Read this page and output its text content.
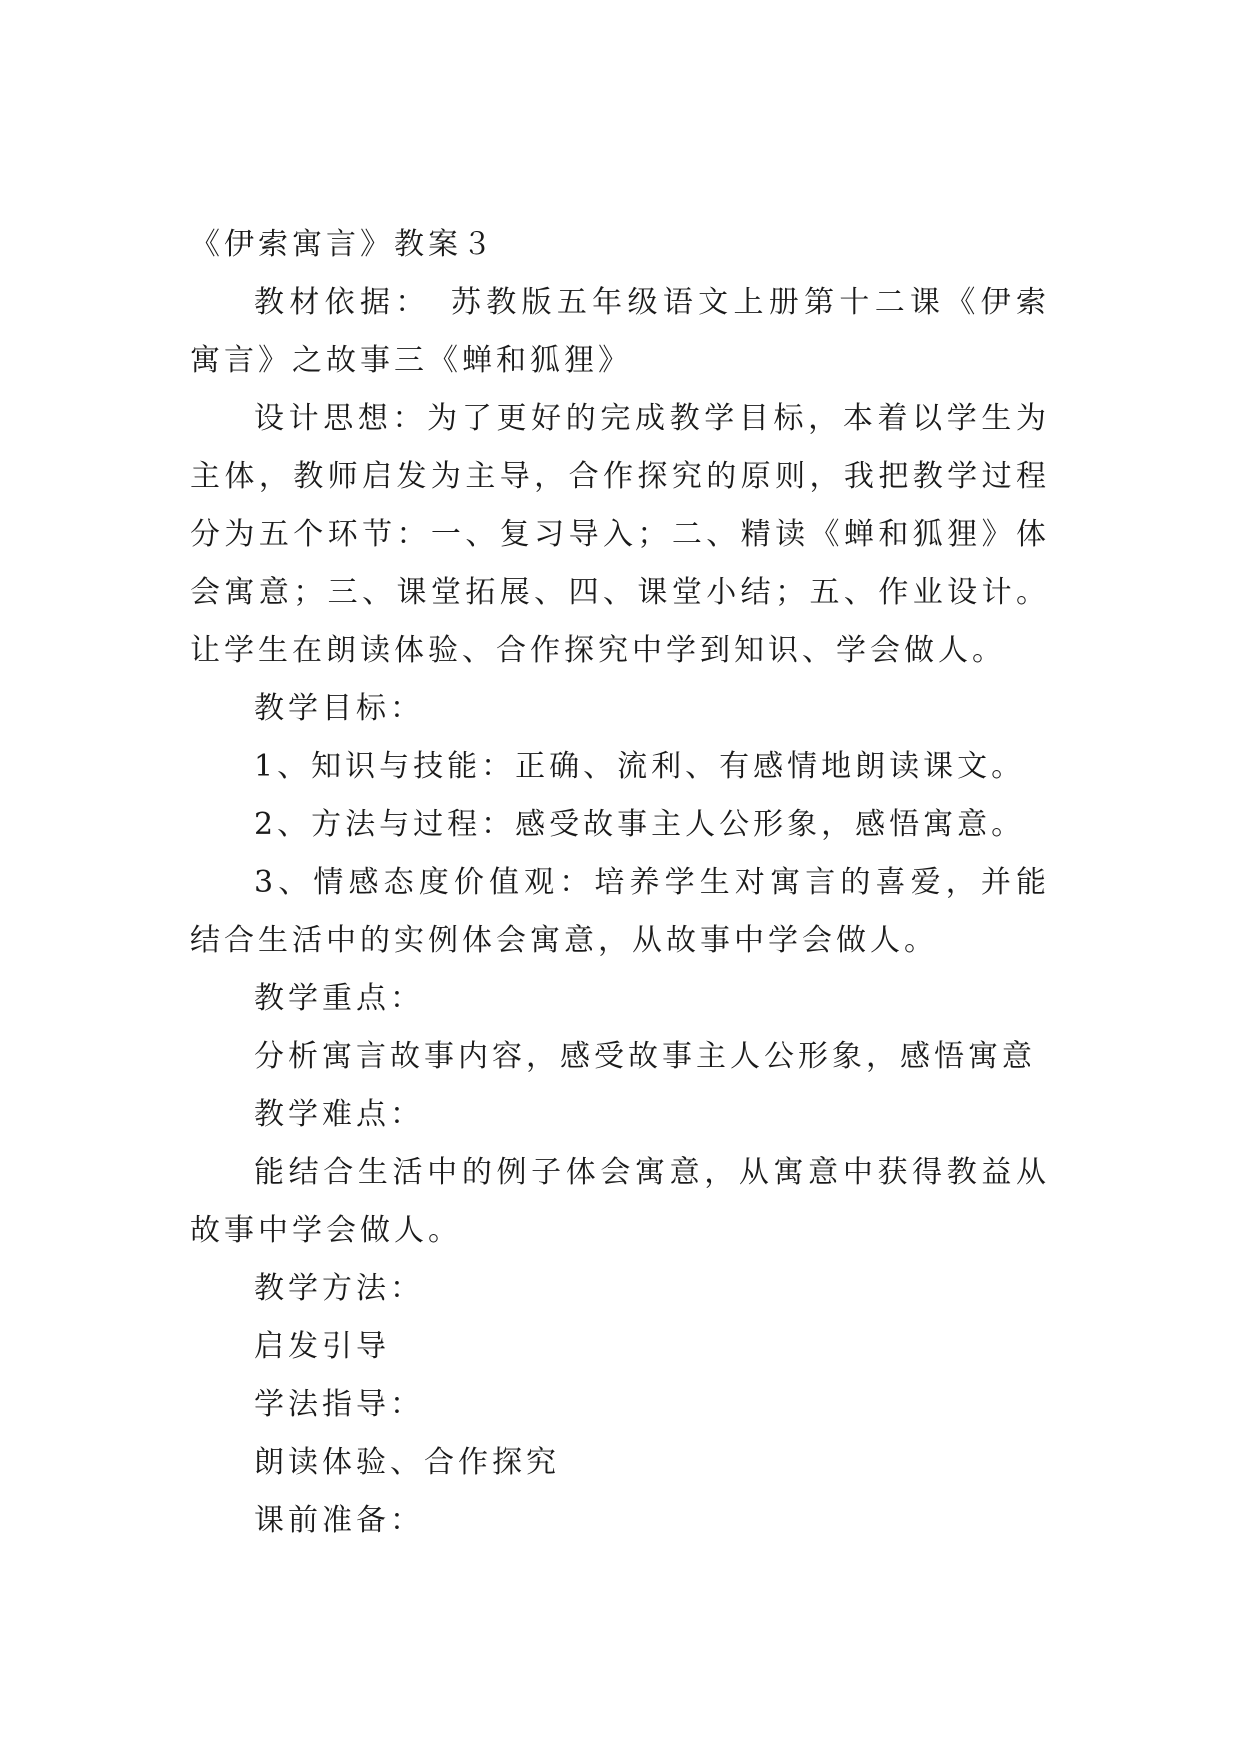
《伊索寓言》教案３

教材依据：　苏教版五年级语文上册第十二课《伊索寓言》之故事三《蝉和狐狸》

设计思想：为了更好的完成教学目标，本着以学生为主体，教师启发为主导，合作探究的原则，我把教学过程分为五个环节：一、复习导入；二、精读《蝉和狐狸》体会寓意；三、课堂拓展、四、课堂小结；五、作业设计。让学生在朗读体验、合作探究中学到知识、学会做人。

教学目标：

1、知识与技能：正确、流利、有感情地朗读课文。

2、方法与过程：感受故事主人公形象，感悟寓意。

3、情感态度价值观：培养学生对寓言的喜爱，并能结合生活中的实例体会寓意，从故事中学会做人。

教学重点：

分析寓言故事内容，感受故事主人公形象，感悟寓意

教学难点：

能结合生活中的例子体会寓意，从寓意中获得教益从故事中学会做人。

教学方法：

启发引导

学法指导：

朗读体验、合作探究

课前准备：
